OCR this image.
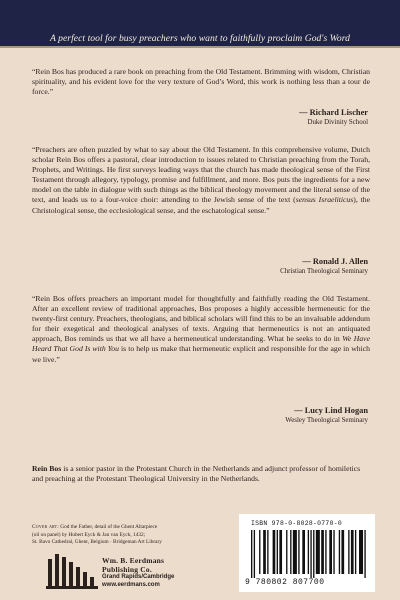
A perfect tool for busy preachers who want to faithfully proclaim God's Word

“Rein Bos has produced a rare book on preaching from the Old Testament. Brimming with wisdom, Christian spirituality, and his evident love for the very texture of God’s Word, this work is nothing less than a tour de force.”

— Richard Lischer
Duke Divinity School

“Preachers are often puzzled by what to say about the Old Testament. In this comprehensive volume, Dutch scholar Rein Bos offers a pastoral, clear introduction to issues related to Christian preaching from the Torah, Prophets, and Writings. He first surveys leading ways that the church has made theological sense of the First Testament through allegory, typology, promise and fulfillment, and more. Bos puts the ingredients for a new model on the table in dialogue with such things as the biblical theology movement and the literal sense of the text, and leads us to a four-voice choir: attending to the Jewish sense of the text (sensus Israeliticus), the Christological sense, the ecclesiological sense, and the eschatological sense.”

— Ronald J. Allen
Christian Theological Seminary

“Rein Bos offers preachers an important model for thoughtfully and faithfully reading the Old Testament. After an excellent review of traditional approaches, Bos proposes a highly accessible hermeneutic for the twenty-first century. Preachers, theologians, and biblical scholars will find this to be an invaluable addendum for their exegetical and theological analyses of texts. Arguing that hermeneutics is not an antiquated approach, Bos reminds us that we all have a hermeneutical understanding. What he seeks to do in We Have Heard That God Is with You is to help us make that hermeneutic explicit and responsible for the age in which we live.”

— Lucy Lind Hogan
Wesley Theological Seminary

Rein Bos is a senior pastor in the Protestant Church in the Netherlands and adjunct professor of homiletics and preaching at the Protestant Theological University in the Netherlands.

Cover art: God the Father, detail of the Ghent Altarpiece
(oil on panel) by Hubert Eyck & Jan van Eyck, 1432;
St. Bavo Cathedral, Ghent, Belgium · Bridgeman Art Library

Wm. B. Eerdmans
Publishing Co.
Grand Rapids/Cambridge
www.eerdmans.com
ISBN 978-0-8028-0770-0
9 780802 807700
